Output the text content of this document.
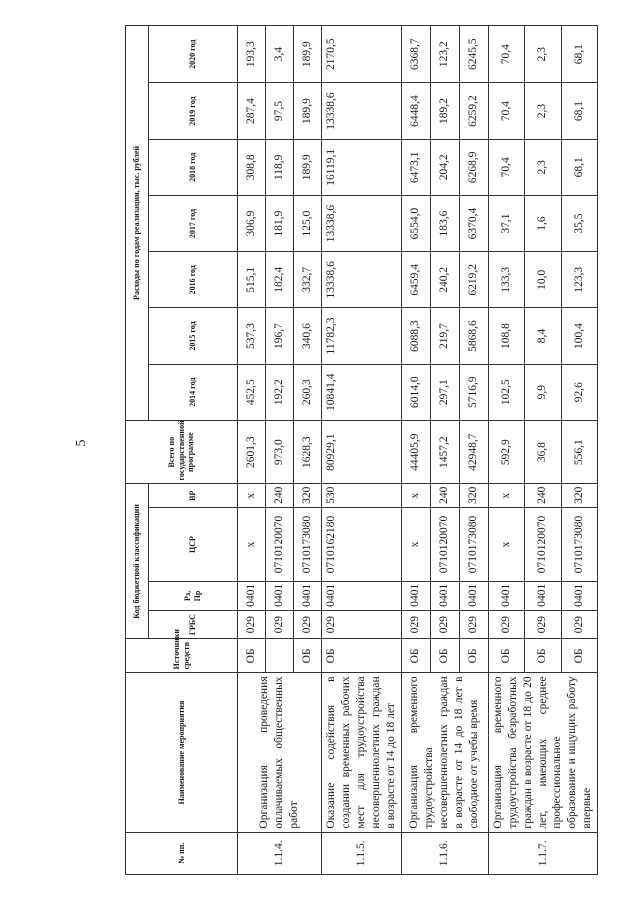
5
№ пп.	Наименование мероприятия	Источники средств	Код бюджетной классификации				Всего по государственной программе	Расходы по годам реализации, тыс. рублей						
			ГРБС	Рз, Пр	ЦСР	ВР		2014 год	2015 год	2016 год	2017 год	2018 год	2019 год	2020 год
1.1.4.	Организация проведения оплачиваемых общественных работ	ОБ	029	0401	x	x	2601,3	452,5	537,3	515,1	306,9	308,8	287,4	193,3
			029	0401	0710120070	240	973,0	192,2	196,7	182,4	181,9	118,9	97,5	3,4
		ОБ	029	0401	0710173080	320	1628,3	260,3	340,6	332,7	125,0	189,9	189,9	189,9
1.1.5.	Оказание содействия в создании временных рабочих мест для трудоустройства несовершеннолетних граждан в возрасте от 14 до 18 лет	ОБ	029	0401	0710162180	530	80929,1	10841,4	11782,3	13338,6	13338,6	16119,1	13338,6	2170,5
1.1.6.	Организация временного трудоустройства несовершеннолетних граждан в возрасте от 14 до 18 лет в свободное от учебы время	ОБ	029	0401	x	x	44405,9	6014,0	6088,3	6459,4	6554,0	6473,1	6448,4	6368,7
		ОБ	029	0401	0710120070	240	1457,2	297,1	219,7	240,2	183,6	204,2	189,2	123,2
		ОБ	029	0401	0710173080	320	42948,7	5716,9	5868,6	6219,2	6370,4	6268,9	6259,2	6245,5
1.1.7.	Организация временного трудоустройства безработных граждан в возрасте от 18 до 20 лет, имеющих среднее профессиональное образование и ищущих работу впервые	ОБ	029	0401	x	x	592,9	102,5	108,8	133,3	37,1	70,4	70,4	70,4
		ОБ	029	0401	0710120070	240	36,8	9,9	8,4	10,0	1,6	2,3	2,3	2,3
		ОБ	029	0401	0710173080	320	556,1	92,6	100,4	123,3	35,5	68,1	68,1	68,1
